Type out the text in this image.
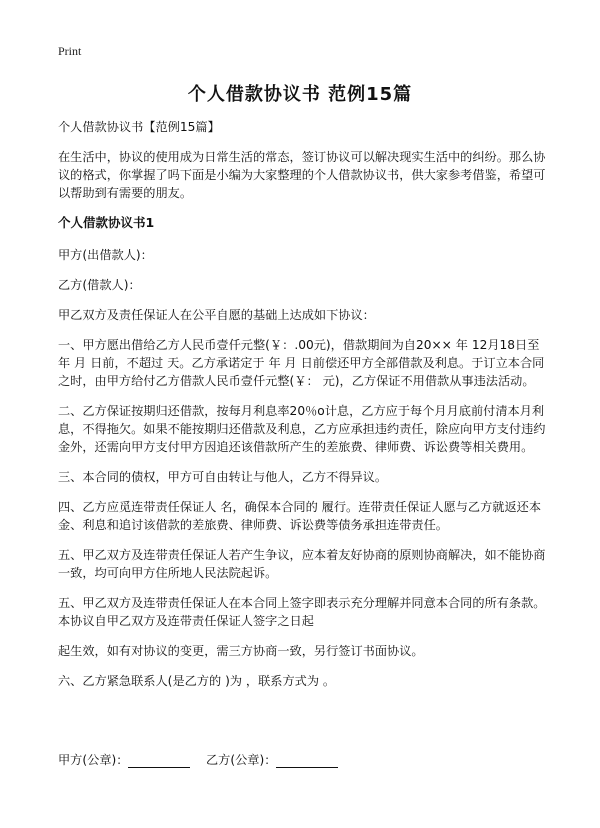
Print
个人借款协议书 范例15篇

个人借款协议书【范例15篇】

在生活中，协议的使用成为日常生活的常态，签订协议可以解决现实生活中的纠纷。那么协议的格式，你掌握了吗下面是小编为大家整理的个人借款协议书，供大家参考借鉴，希望可以帮助到有需要的朋友。

个人借款协议书1

甲方(出借款人)：

乙方(借款人)：

甲乙双方及责任保证人在公平自愿的基础上达成如下协议：

一、甲方愿出借给乙方人民币壹仟元整(￥：.00元)，借款期间为自20×× 年 12月18日至 年 月 日前，不超过 天。乙方承诺定于 年 月 日前偿还甲方全部借款及利息。于订立本合同之时，由甲方给付乙方借款人民币壹仟元整(￥： 元)，乙方保证不用借款从事违法活动。

二、乙方保证按期归还借款，按每月利息率20％o计息，乙方应于每个月月底前付清本月利息，不得拖欠。如果不能按期归还借款及利息，乙方应承担违约责任，除应向甲方支付违约金外，还需向甲方支付甲方因追还该借款所产生的差旅费、律师费、诉讼费等相关费用。

三、本合同的债权，甲方可自由转让与他人，乙方不得异议。

四、乙方应觅连带责任保证人 名，确保本合同的 履行。连带责任保证人愿与乙方就返还本金、利息和追讨该借款的差旅费、律师费、诉讼费等债务承担连带责任。

五、甲乙双方及连带责任保证人若产生争议，应本着友好协商的原则协商解决，如不能协商一致，均可向甲方住所地人民法院起诉。

五、甲乙双方及连带责任保证人在本合同上签字即表示充分理解并同意本合同的所有条款。本协议自甲乙双方及连带责任保证人签字之日起

起生效，如有对协议的变更，需三方协商一致，另行签订书面协议。

六、乙方紧急联系人(是乙方的 )为 ，联系方式为 。

甲方(公章)：	乙方(公章)：
